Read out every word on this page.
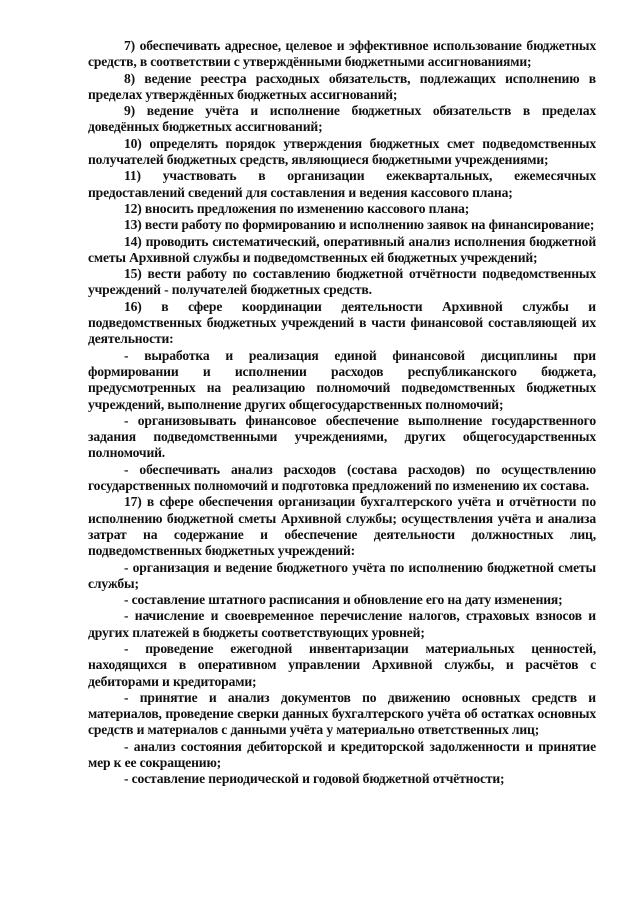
7) обеспечивать адресное, целевое и эффективное использование бюджетных средств, в соответствии с утверждёнными бюджетными ассигнованиями;

8) ведение реестра расходных обязательств, подлежащих исполнению в пределах утверждённых бюджетных ассигнований;

9) ведение учёта и исполнение бюджетных обязательств в пределах доведённых бюджетных ассигнований;

10) определять порядок утверждения бюджетных смет подведомственных получателей бюджетных средств, являющиеся бюджетными учреждениями;

11) участвовать в организации ежеквартальных, ежемесячных предоставлений сведений для составления и ведения кассового плана;

12) вносить предложения по изменению кассового плана;

13) вести работу по формированию и исполнению заявок на финансирование;

14) проводить систематический, оперативный анализ исполнения бюджетной сметы Архивной службы и подведомственных ей бюджетных учреждений;

15) вести работу по составлению бюджетной отчётности подведомственных учреждений - получателей бюджетных средств.

16) в сфере координации деятельности Архивной службы и подведомственных бюджетных учреждений в части финансовой составляющей их деятельности:

- выработка и реализация единой финансовой дисциплины при формировании и исполнении расходов республиканского бюджета, предусмотренных на реализацию полномочий подведомственных бюджетных учреждений, выполнение других общегосударственных полномочий;

- организовывать финансовое обеспечение выполнение государственного задания подведомственными учреждениями, других общегосударственных полномочий.

- обеспечивать анализ расходов (состава расходов) по осуществлению государственных полномочий и подготовка предложений по изменению их состава.

17) в сфере обеспечения организации бухгалтерского учёта и отчётности по исполнению бюджетной сметы Архивной службы; осуществления учёта и анализа затрат на содержание и обеспечение деятельности должностных лиц, подведомственных бюджетных учреждений:

- организация и ведение бюджетного учёта по исполнению бюджетной сметы службы;

- составление штатного расписания и обновление его на дату изменения;

- начисление и своевременное перечисление налогов, страховых взносов и других платежей в бюджеты соответствующих уровней;

- проведение ежегодной инвентаризации материальных ценностей, находящихся в оперативном управлении Архивной службы, и расчётов с дебиторами и кредиторами;

- принятие и анализ документов по движению основных средств и материалов, проведение сверки данных бухгалтерского учёта об остатках основных средств и материалов с данными учёта у материально ответственных лиц;

- анализ состояния дебиторской и кредиторской задолженности и принятие мер к ее сокращению;

- составление периодической и годовой бюджетной отчётности;
